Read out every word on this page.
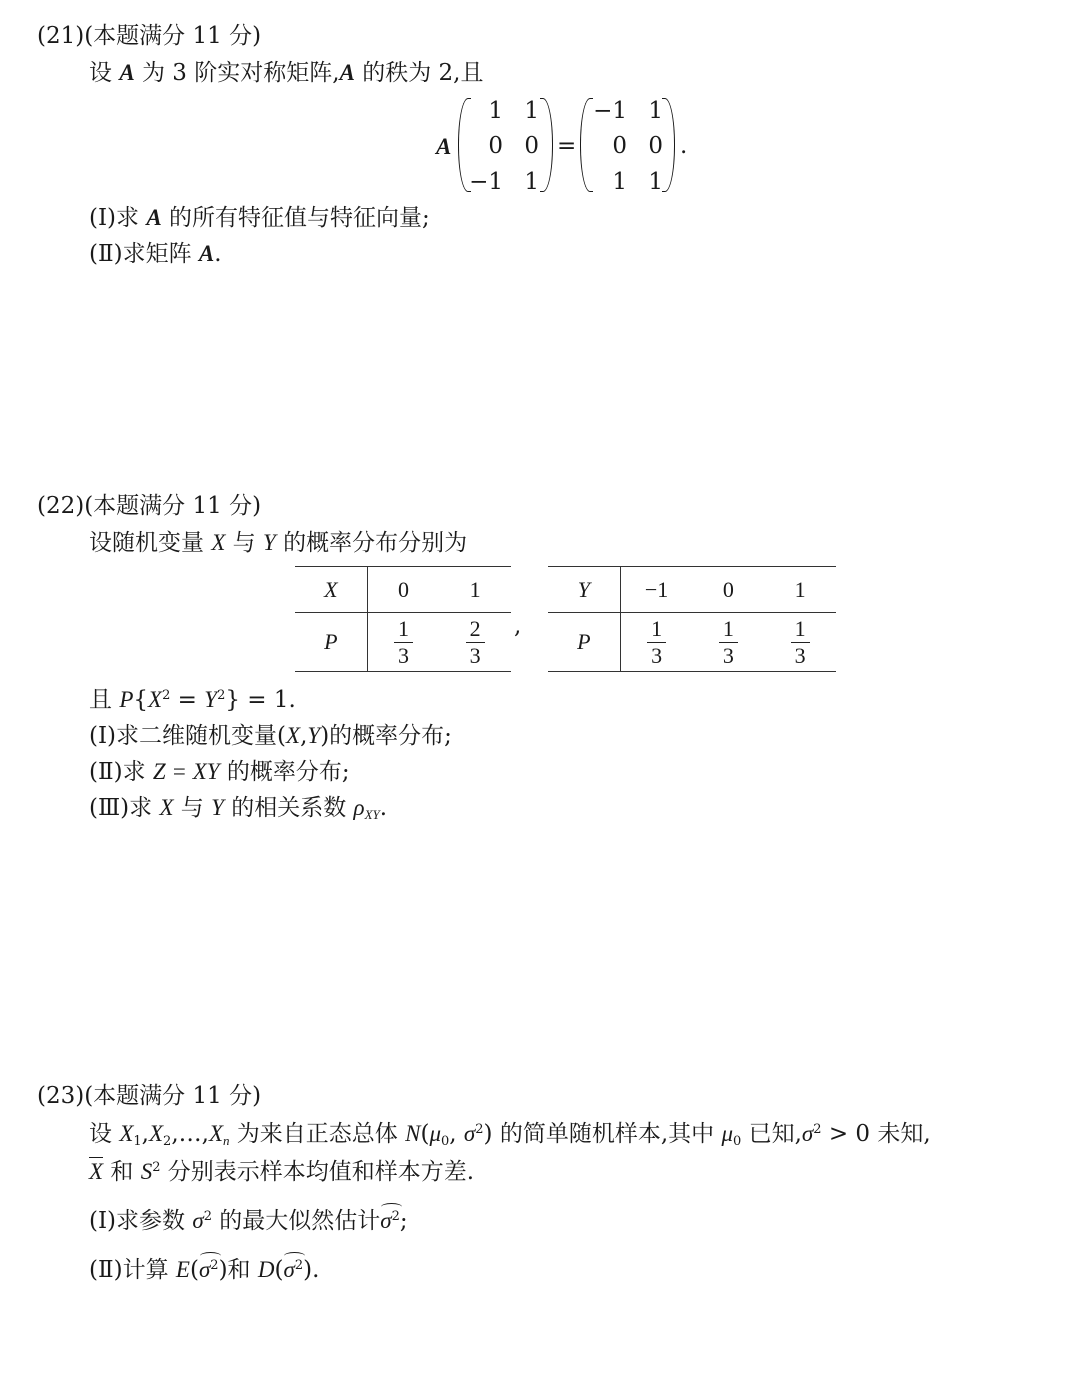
(21)(本题满分 11 分)
设 A 为 3 阶实对称矩阵,A 的秩为 2,且
A
1 1
0 0
−1 1
=
−1 1
0 0
1 1
.
(Ⅰ)求 A 的所有特征值与特征向量;
(Ⅱ)求矩阵 A.
(22)(本题满分 11 分)
设随机变量 X 与 Y 的概率分布分别为
X	0	1
P	$\frac{1}{3}$	$\frac{2}{3}$ ,
Y	−1	0	1
P	$\frac{1}{3}$	$\frac{1}{3}$	$\frac{1}{3}$
且 $P\{X^2 = Y^2\} = 1$.
(Ⅰ)求二维随机变量(X,Y)的概率分布;
(Ⅱ)求 Z = XY 的概率分布;
(Ⅲ)求 X 与 Y 的相关系数 $\rho_{XY}$.
(23)(本题满分 11 分)
设 $X_1,X_2,\dots,X_n$ 为来自正态总体 $N(\mu_0$, $\sigma^2$) 的简单随机样本,其中 $\mu_0$ 已知$,\sigma^2 > 0$ 未知,
X 和 $S^2$ 分别表示样本均值和样本方差.
(Ⅰ)求参数 $\sigma^2$ 的最大似然估计$\sigma^2$;
(Ⅱ)计算 $E(\sigma^2)$和 $D(\sigma^2)$.
